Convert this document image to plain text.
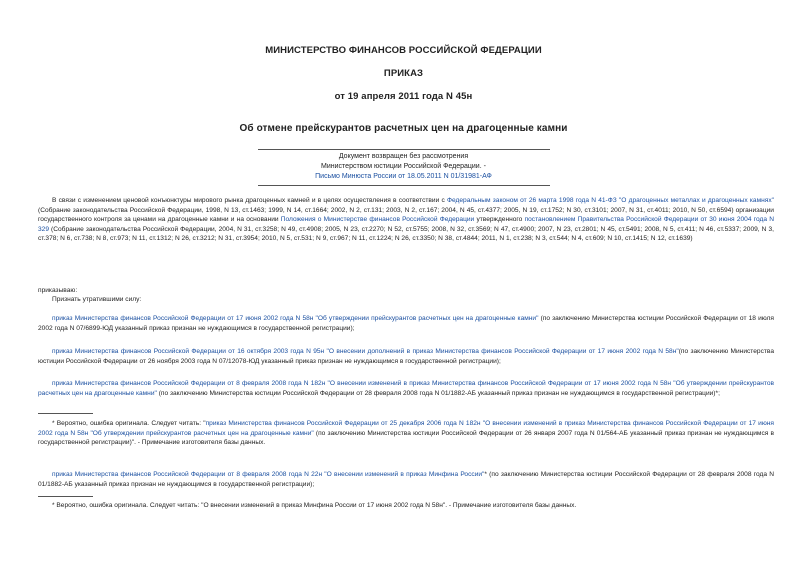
МИНИСТЕРСТВО ФИНАНСОВ РОССИЙСКОЙ ФЕДЕРАЦИИ
ПРИКАЗ
от 19 апреля 2011 года N 45н
Об отмене прейскурантов расчетных цен на драгоценные камни
Документ возвращен без рассмотрения
Министерством юстиции Российской Федерации. -
Письмо Минюста России от 18.05.2011 N 01/31981-АФ
В связи с изменением ценовой конъюнктуры мирового рынка драгоценных камней и в целях осуществления в соответствии с Федеральным законом от 26 марта 1998 года N 41-ФЗ "О драгоценных металлах и драгоценных камнях" (Собрание законодательства Российской Федерации, 1998, N 13, ст.1463; 1999, N 14, ст.1664; 2002, N 2, ст.131; 2003, N 2, ст.167; 2004, N 45, ст.4377; 2005, N 19, ст.1752; N 30, ст.3101; 2007, N 31, ст.4011; 2010, N 50, ст.6594) организации государственного контроля за ценами на драгоценные камни и на основании Положения о Министерстве финансов Российской Федерации утвержденного постановлением Правительства Российской Федерации от 30 июня 2004 года N 329 (Собрание законодательства Российской Федерации, 2004, N 31, ст.3258; N 49, ст.4908; 2005, N 23, ст.2270; N 52, ст.5755; 2008, N 32, ст.3569; N 47, ст.4900; 2007, N 23, ст.2801; N 45, ст.5491; 2008, N 5, ст.411; N 46, ст.5337; 2009, N 3, ст.378; N 6, ст.738; N 8, ст.973; N 11, ст.1312; N 26, ст.3212; N 31, ст.3954; 2010, N 5, ст.531; N 9, ст.967; N 11, ст.1224; N 26, ст.3350; N 38, ст.4844; 2011, N 1, ст.238; N 3, ст.544; N 4, ст.609; N 10, ст.1415; N 12, ст.1639)
приказываю:
Признать утратившими силу:
приказ Министерства финансов Российской Федерации от 17 июня 2002 года N 58н "Об утверждении прейскурантов расчетных цен на драгоценные камни" (по заключению Министерства юстиции Российской Федерации от 18 июля 2002 года N 07/6899-ЮД указанный приказ признан не нуждающимся в государственной регистрации);
приказ Министерства финансов Российской Федерации от 16 октября 2003 года N 95н "О внесении дополнений в приказ Министерства финансов Российской Федерации от 17 июня 2002 года N 58н"(по заключению Министерства юстиции Российской Федерации от 26 ноября 2003 года N 07/12078-ЮД указанный приказ признан не нуждающимся в государственной регистрации);
приказ Министерства финансов Российской Федерации от 8 февраля 2008 года N 182н "О внесении изменений в приказ Министерства финансов Российской Федерации от 17 июня 2002 года N 58н "Об утверждении прейскурантов расчетных цен на драгоценные камни" (по заключению Министерства юстиции Российской Федерации от 28 февраля 2008 года N 01/1882-АБ указанный приказ признан не нуждающимся в государственной регистрации)*;
* Вероятно, ошибка оригинала. Следует читать: "приказ Министерства финансов Российской Федерации от 25 декабря 2006 года N 182н "О внесении изменений в приказ Министерства финансов Российской Федерации от 17 июня 2002 года N 58н "Об утверждении прейскурантов расчетных цен на драгоценные камни" (по заключению Министерства юстиции Российской Федерации от 26 января 2007 года N 01/564-АБ указанный приказ признан не нуждающимся в государственной регистрации)". - Примечание изготовителя базы данных.
приказ Министерства финансов Российской Федерации от 8 февраля 2008 года N 22н "О внесении изменений в приказ Минфина России"* (по заключению Министерства юстиции Российской Федерации от 28 февраля 2008 года N 01/1882-АБ указанный приказ признан не нуждающимся в государственной регистрации);
* Вероятно, ошибка оригинала. Следует читать: "О внесении изменений в приказ Минфина России от 17 июня 2002 года N 58н". - Примечание изготовителя базы данных.
